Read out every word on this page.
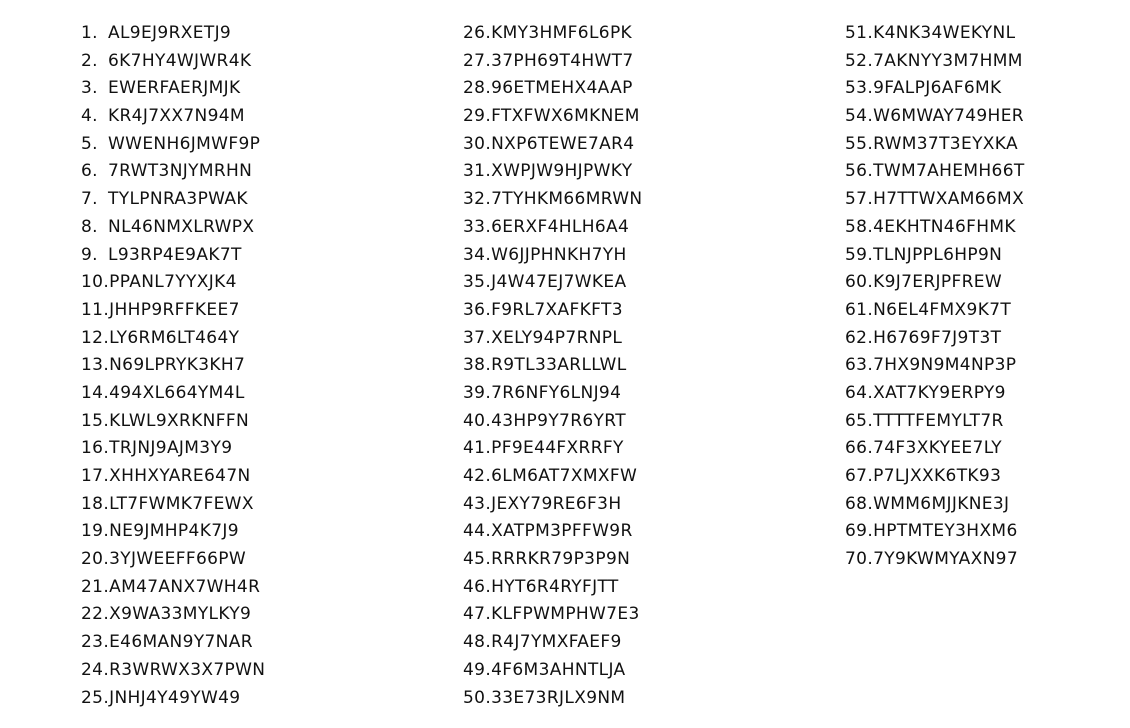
1. AL9EJ9RXETJ9
2. 6K7HY4WJWR4K
3. EWERFAERJMJK
4. KR4J7XX7N94M
5. WWENH6JMWF9P
6. 7RWT3NJYMRHN
7. TYLPNRA3PWAK
8. NL46NMXLRWPX
9. L93RP4E9AK7T
10. PPANL7YYXJK4
11. JHHP9RFFKEE7
12. LY6RM6LT464Y
13. N69LPRYK3KH7
14. 494XL664YM4L
15. KLWL9XRKNFFN
16. TRJNJ9AJM3Y9
17. XHHXYARE647N
18. LT7FWMK7FEWX
19. NE9JMHP4K7J9
20. 3YJWEEFF66PW
21. AM47ANX7WH4R
22. X9WA33MYLKY9
23. E46MAN9Y7NAR
24. R3WRWX3X7PWN
25. JNHJ4Y49YW49
26. KMY3HMF6L6PK
27. 37PH69T4HWT7
28. 96ETMEHX4AAP
29. FTXFWX6MKNEM
30. NXP6TEWE7AR4
31. XWPJW9HJPWKY
32. 7TYHKM66MRWN
33. 6ERXF4HLH6A4
34. W6JJPHNKH7YH
35. J4W47EJ7WKEA
36. F9RL7XAFKFT3
37. XELY94P7RNPL
38. R9TL33ARLLWL
39. 7R6NFY6LNJ94
40. 43HP9Y7R6YRT
41. PF9E44FXRRFY
42. 6LM6AT7XMXFW
43. JEXY79RE6F3H
44. XATPM3PFFW9R
45. RRRKR79P3P9N
46. HYT6R4RYFJTT
47. KLFPWMPHW7E3
48. R4J7YMXFAEF9
49. 4F6M3AHNTLJA
50. 33E73RJLX9NM
51. K4NK34WEKYNL
52. 7AKNYY3M7HMM
53. 9FALPJ6AF6MK
54. W6MWAY749HER
55. RWM37T3EYXKA
56. TWM7AHEMH66T
57. H7TTWXAM66MX
58. 4EKHTN46FHMK
59. TLNJPPL6HP9N
60. K9J7ERJPFREW
61. N6EL4FMX9K7T
62. H6769F7J9T3T
63. 7HX9N9M4NP3P
64. XAT7KY9ERPY9
65. TTTTFEMYLT7R
66. 74F3XKYEE7LY
67. P7LJXXK6TK93
68. WMM6MJJKNE3J
69. HPTMTEY3HXM6
70. 7Y9KWMYAXN97
